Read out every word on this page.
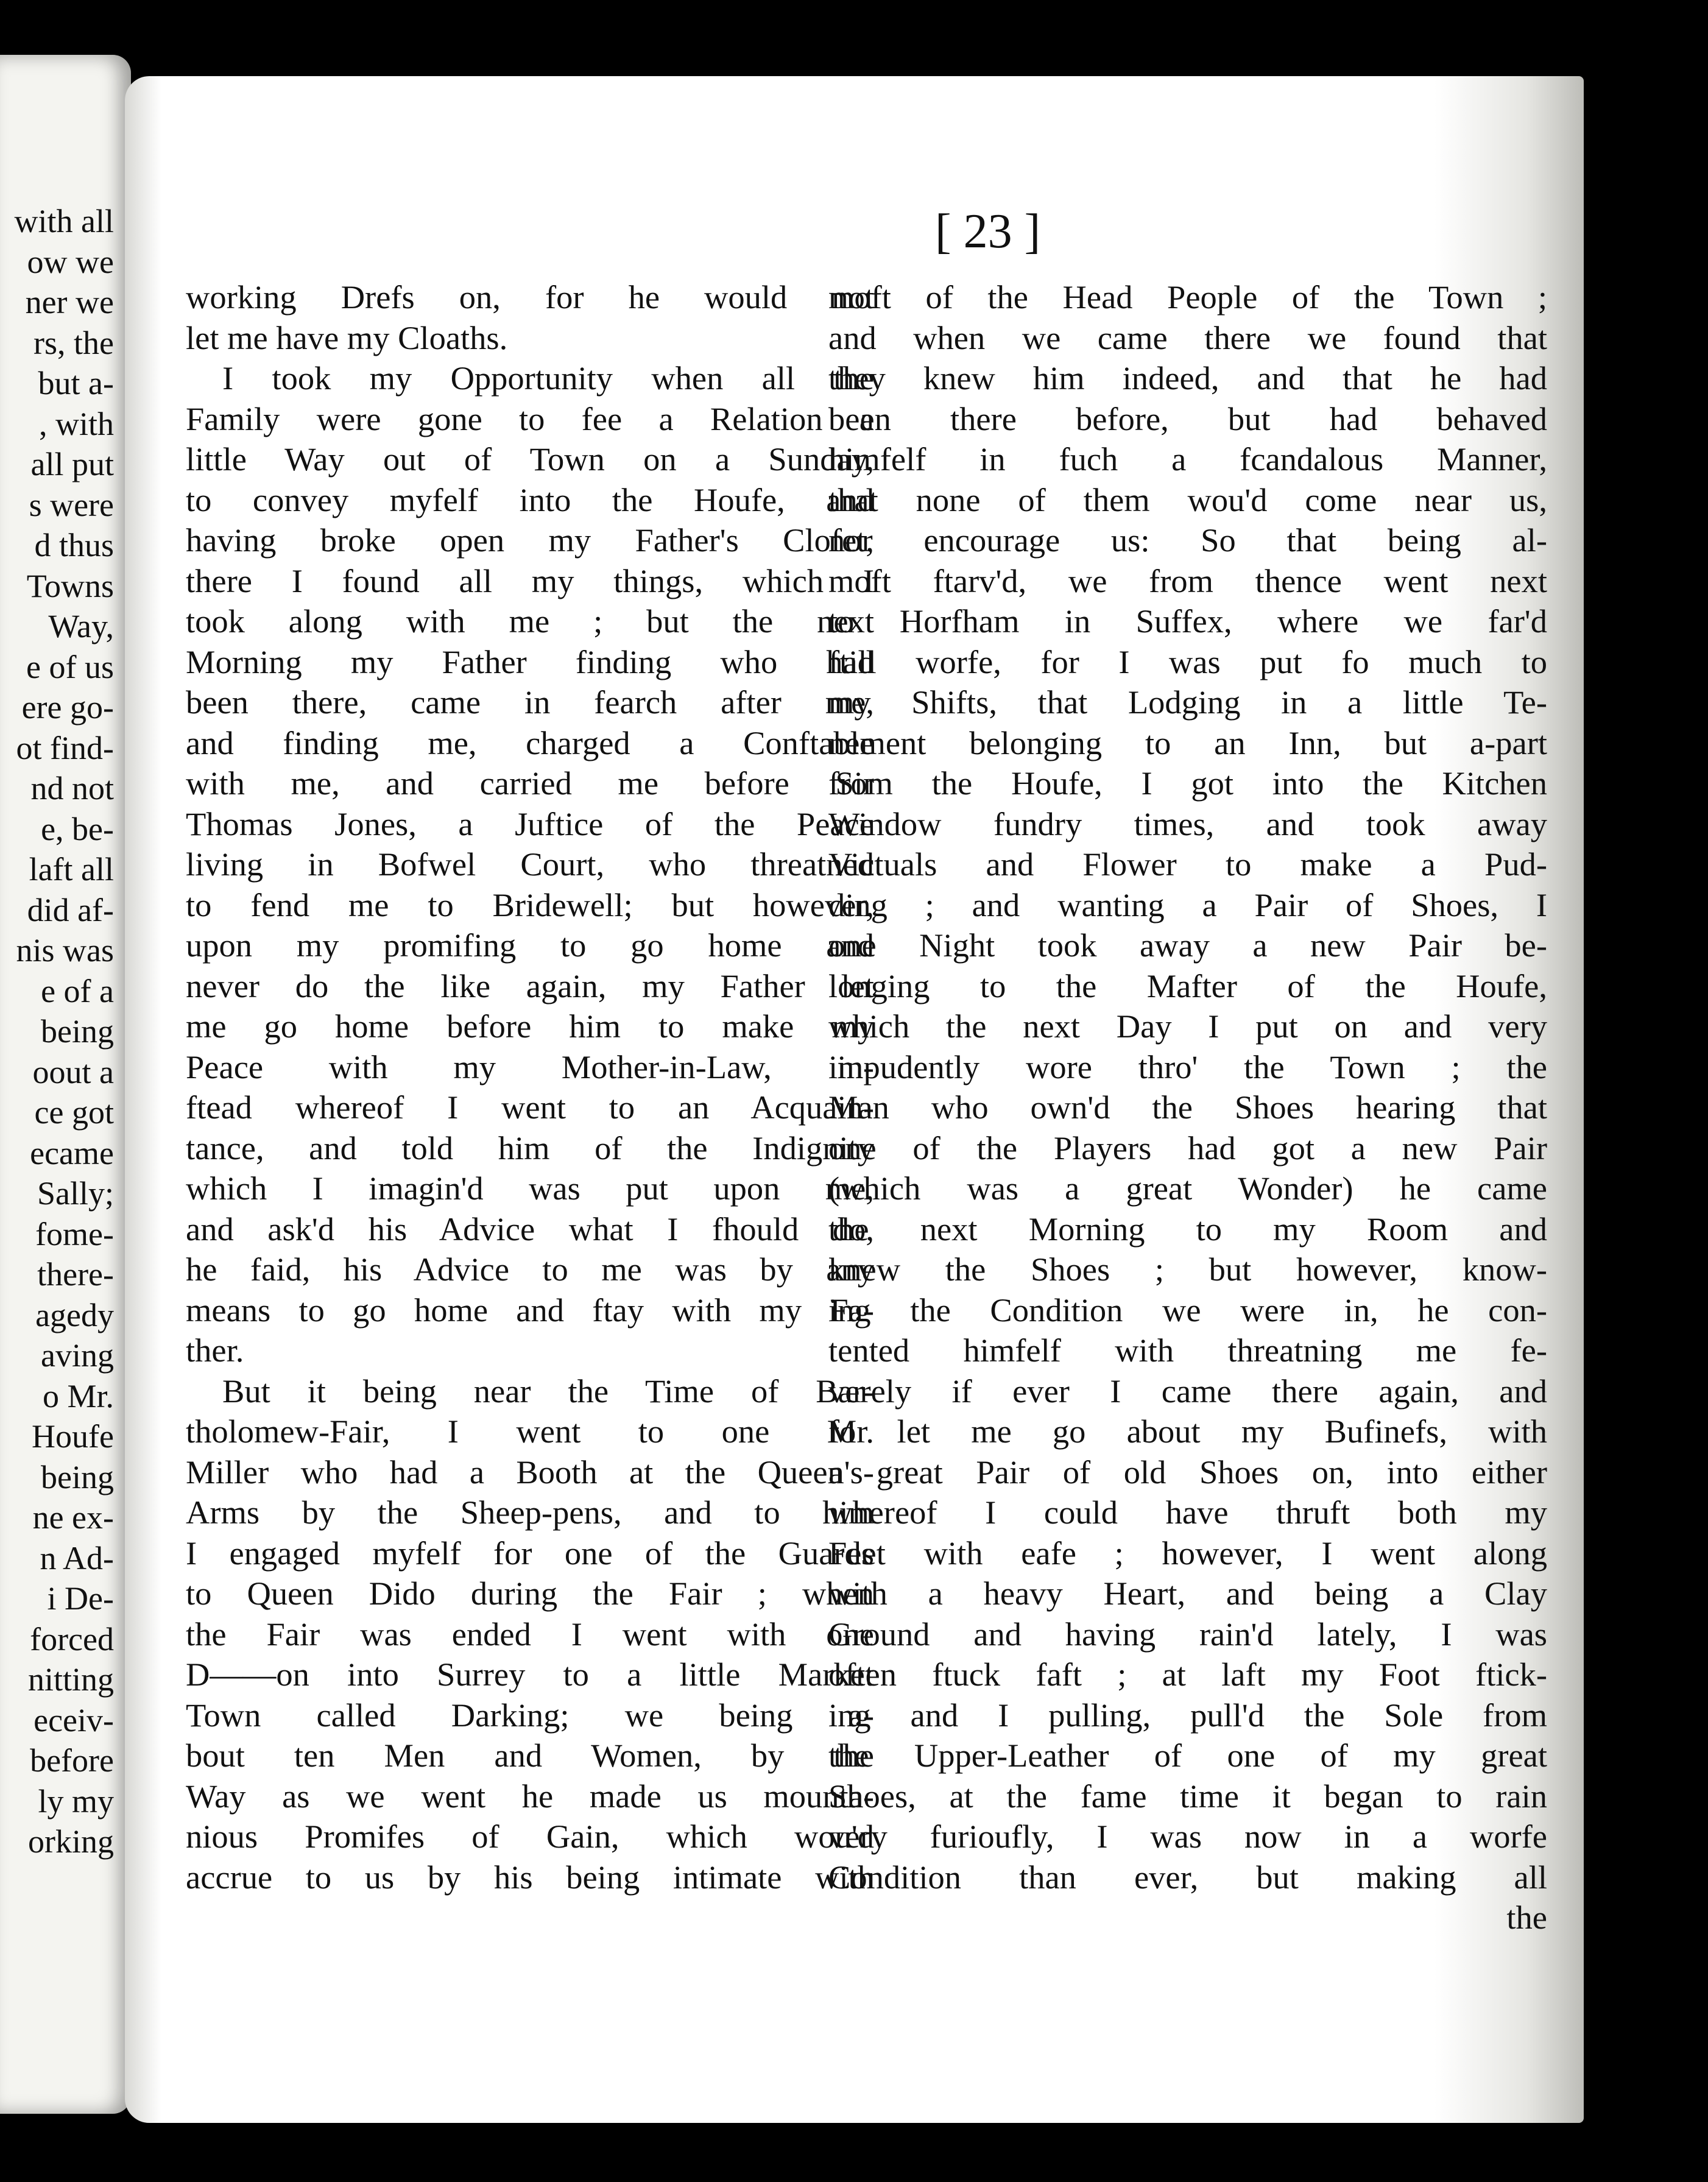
with all
ow we
ner we
rs, the
but a-
, with
all put
s were
d thus
Towns
Way,
e of us
ere go-
ot find-
nd not
e, be-
laft all
did af-
nis was
e of a
being
oout a
ce got
ecame
Sally;
fome-
there-
agedy
aving
o Mr.
Houfe
being
ne ex-
n Ad-
i De-
forced
nitting
eceiv-
before
ly my
orking
[ 23 ]
working Drefs on, for he would not
let me have my Cloaths.
I took my Opportunity when all the
Family were gone to fee a Relation a
little Way out of Town on a Sunday,
to convey myfelf into the Houfe, and
having broke open my Father's Clofet,
there I found all my things, which I
took along with me ; but the next
Morning my Father finding who had
been there, came in fearch after me,
and finding me, charged a Conftable
with me, and carried me before Sir
Thomas Jones, a Juftice of the Peace
living in Bofwel Court, who threatned
to fend me to Bridewell; but however,
upon my promifing to go home and
never do the like again, my Father let
me go home before him to make my
Peace with my Mother-in-Law, in-
ftead whereof I went to an Acquain-
tance, and told him of the Indignity
which I imagin'd was put upon me,
and ask'd his Advice what I fhould do,
he faid, his Advice to me was by any
means to go home and ftay with my Fa-
ther.
But it being near the Time of Bar-
tholomew-Fair, I went to one Mr.
Miller who had a Booth at the Queen's-
Arms by the Sheep-pens, and to him
I engaged myfelf for one of the Guards
to Queen Dido during the Fair ; when
the Fair was ended I went with one
D——on into Surrey to a little Market
Town called Darking; we being a-
bout ten Men and Women, by the
Way as we went he made us mounta-
nious Promifes of Gain, which wou'd
accrue to us by his being intimate with
moft of the Head People of the Town ;
and when we came there we found that
they knew him indeed, and that he had
been there before, but had behaved
himfelf in fuch a fcandalous Manner,
that none of them wou'd come near us,
nor encourage us: So that being al-
moft ftarv'd, we from thence went next
to Horfham in Suffex, where we far'd
ftill worfe, for I was put fo much to
my Shifts, that Lodging in a little Te-
nement belonging to an Inn, but a-part
from the Houfe, I got into the Kitchen
Window fundry times, and took away
Victuals and Flower to make a Pud-
ding ; and wanting a Pair of Shoes, I
one Night took away a new Pair be-
longing to the Mafter of the Houfe,
which the next Day I put on and very
impudently wore thro' the Town ; the
Man who own'd the Shoes hearing that
one of the Players had got a new Pair
(which was a great Wonder) he came
the next Morning to my Room and
knew the Shoes ; but however, know-
ing the Condition we were in, he con-
tented himfelf with threatning me fe-
verely if ever I came there again, and
fo let me go about my Bufinefs, with
a great Pair of old Shoes on, into either
whereof I could have thruft both my
Feet with eafe ; however, I went along
with a heavy Heart, and being a Clay
Ground and having rain'd lately, I was
often ftuck faft ; at laft my Foot ftick-
ing and I pulling, pull'd the Sole from
the Upper-Leather of one of my great
Shoes, at the fame time it began to rain
very furioufly, I was now in a worfe
Condition than ever, but making all
the
